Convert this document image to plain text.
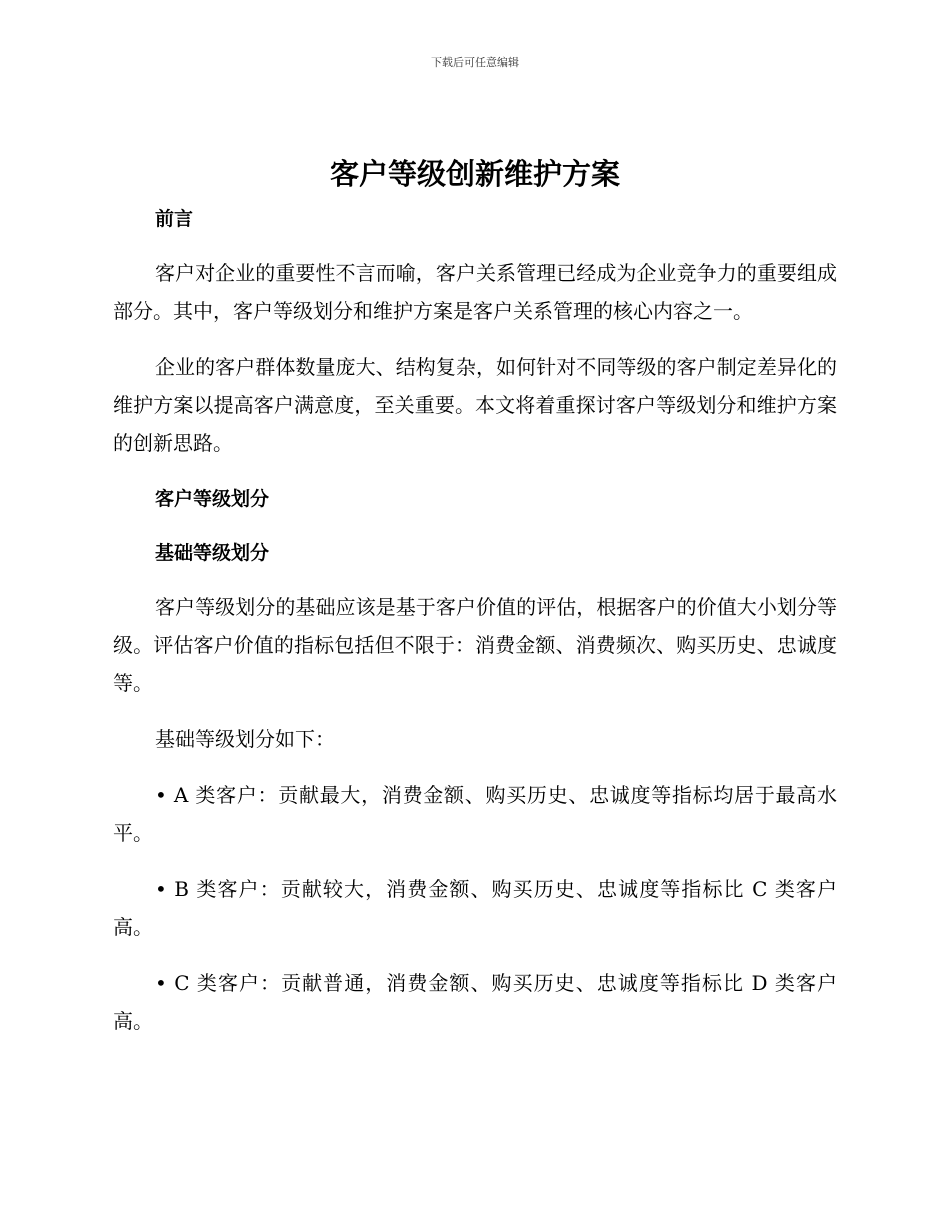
下载后可任意编辑
客户等级创新维护方案
前言

客户对企业的重要性不言而喻，客户关系管理已经成为企业竞争力的重要组成部分。其中，客户等级划分和维护方案是客户关系管理的核心内容之一。

企业的客户群体数量庞大、结构复杂，如何针对不同等级的客户制定差异化的维护方案以提高客户满意度，至关重要。本文将着重探讨客户等级划分和维护方案的创新思路。

客户等级划分
基础等级划分

客户等级划分的基础应该是基于客户价值的评估，根据客户的价值大小划分等级。评估客户价值的指标包括但不限于：消费金额、消费频次、购买历史、忠诚度等。

基础等级划分如下：

• A 类客户：贡献最大，消费金额、购买历史、忠诚度等指标均居于最高水平。

• B 类客户：贡献较大，消费金额、购买历史、忠诚度等指标比 C 类客户高。

• C 类客户：贡献普通，消费金额、购买历史、忠诚度等指标比 D 类客户高。
